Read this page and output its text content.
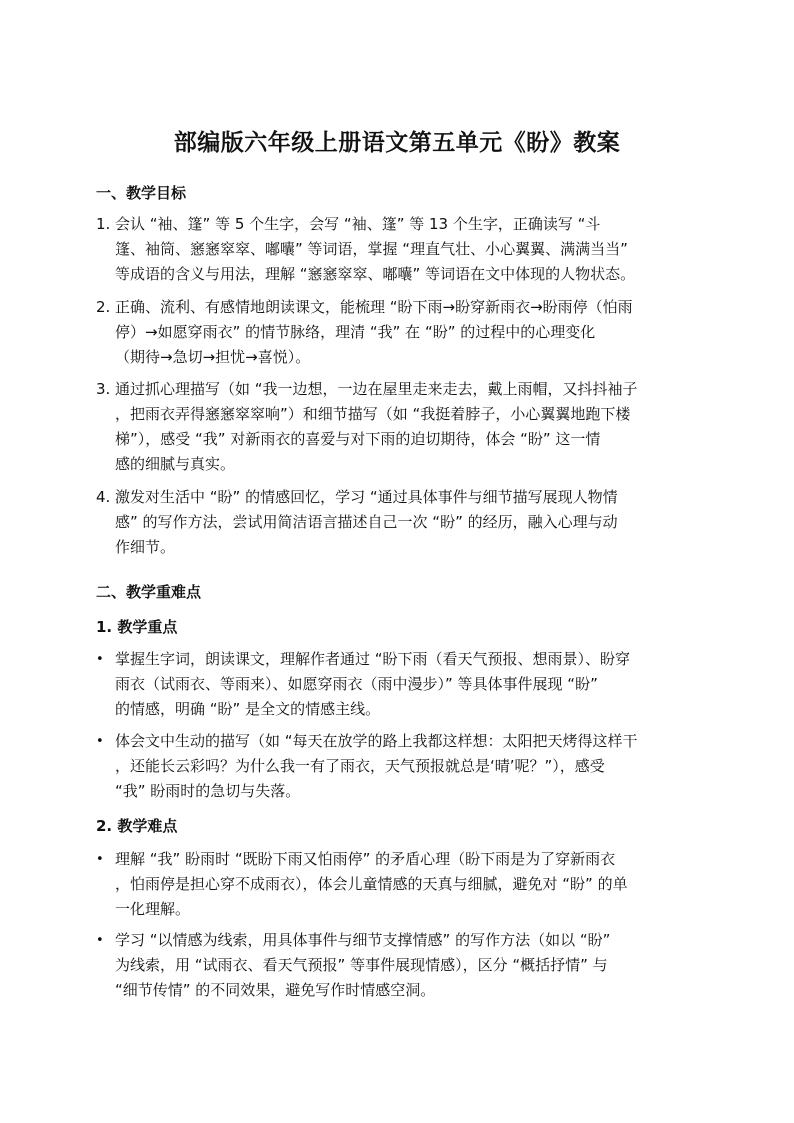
部编版六年级上册语文第五单元《盼》教案
一、教学目标
1. 会认 “袖、篷” 等 5 个生字，会写 “袖、篷” 等 13 个生字，正确读写 “斗
篷、袖筒、窸窸窣窣、嘟囔” 等词语，掌握 “理直气壮、小心翼翼、满满当当”
等成语的含义与用法，理解 “窸窸窣窣、嘟囔” 等词语在文中体现的人物状态。
2. 正确、流利、有感情地朗读课文，能梳理 “盼下雨→盼穿新雨衣→盼雨停（怕雨
停）→如愿穿雨衣” 的情节脉络，理清 “我” 在 “盼” 的过程中的心理变化
（期待→急切→担忧→喜悦）。
3. 通过抓心理描写（如 “我一边想，一边在屋里走来走去，戴上雨帽，又抖抖袖子
，把雨衣弄得窸窸窣窣响”）和细节描写（如 “我挺着脖子，小心翼翼地跑下楼
梯”），感受 “我” 对新雨衣的喜爱与对下雨的迫切期待，体会 “盼” 这一情
感的细腻与真实。
4. 激发对生活中 “盼” 的情感回忆，学习 “通过具体事件与细节描写展现人物情
感” 的写作方法，尝试用简洁语言描述自己一次 “盼” 的经历，融入心理与动
作细节。
二、教学重难点
1. 教学重点
• 掌握生字词，朗读课文，理解作者通过 “盼下雨（看天气预报、想雨景）、盼穿
雨衣（试雨衣、等雨来）、如愿穿雨衣（雨中漫步）” 等具体事件展现 “盼”
的情感，明确 “盼” 是全文的情感主线。
• 体会文中生动的描写（如 “每天在放学的路上我都这样想：太阳把天烤得这样干
，还能长云彩吗？为什么我一有了雨衣，天气预报就总是‘晴’呢？”），感受
“我” 盼雨时的急切与失落。
2. 教学难点
• 理解 “我” 盼雨时 “既盼下雨又怕雨停” 的矛盾心理（盼下雨是为了穿新雨衣
，怕雨停是担心穿不成雨衣），体会儿童情感的天真与细腻，避免对 “盼” 的单
一化理解。
• 学习 “以情感为线索，用具体事件与细节支撑情感” 的写作方法（如以 “盼”
为线索，用 “试雨衣、看天气预报” 等事件展现情感），区分 “概括抒情” 与
“细节传情” 的不同效果，避免写作时情感空洞。
